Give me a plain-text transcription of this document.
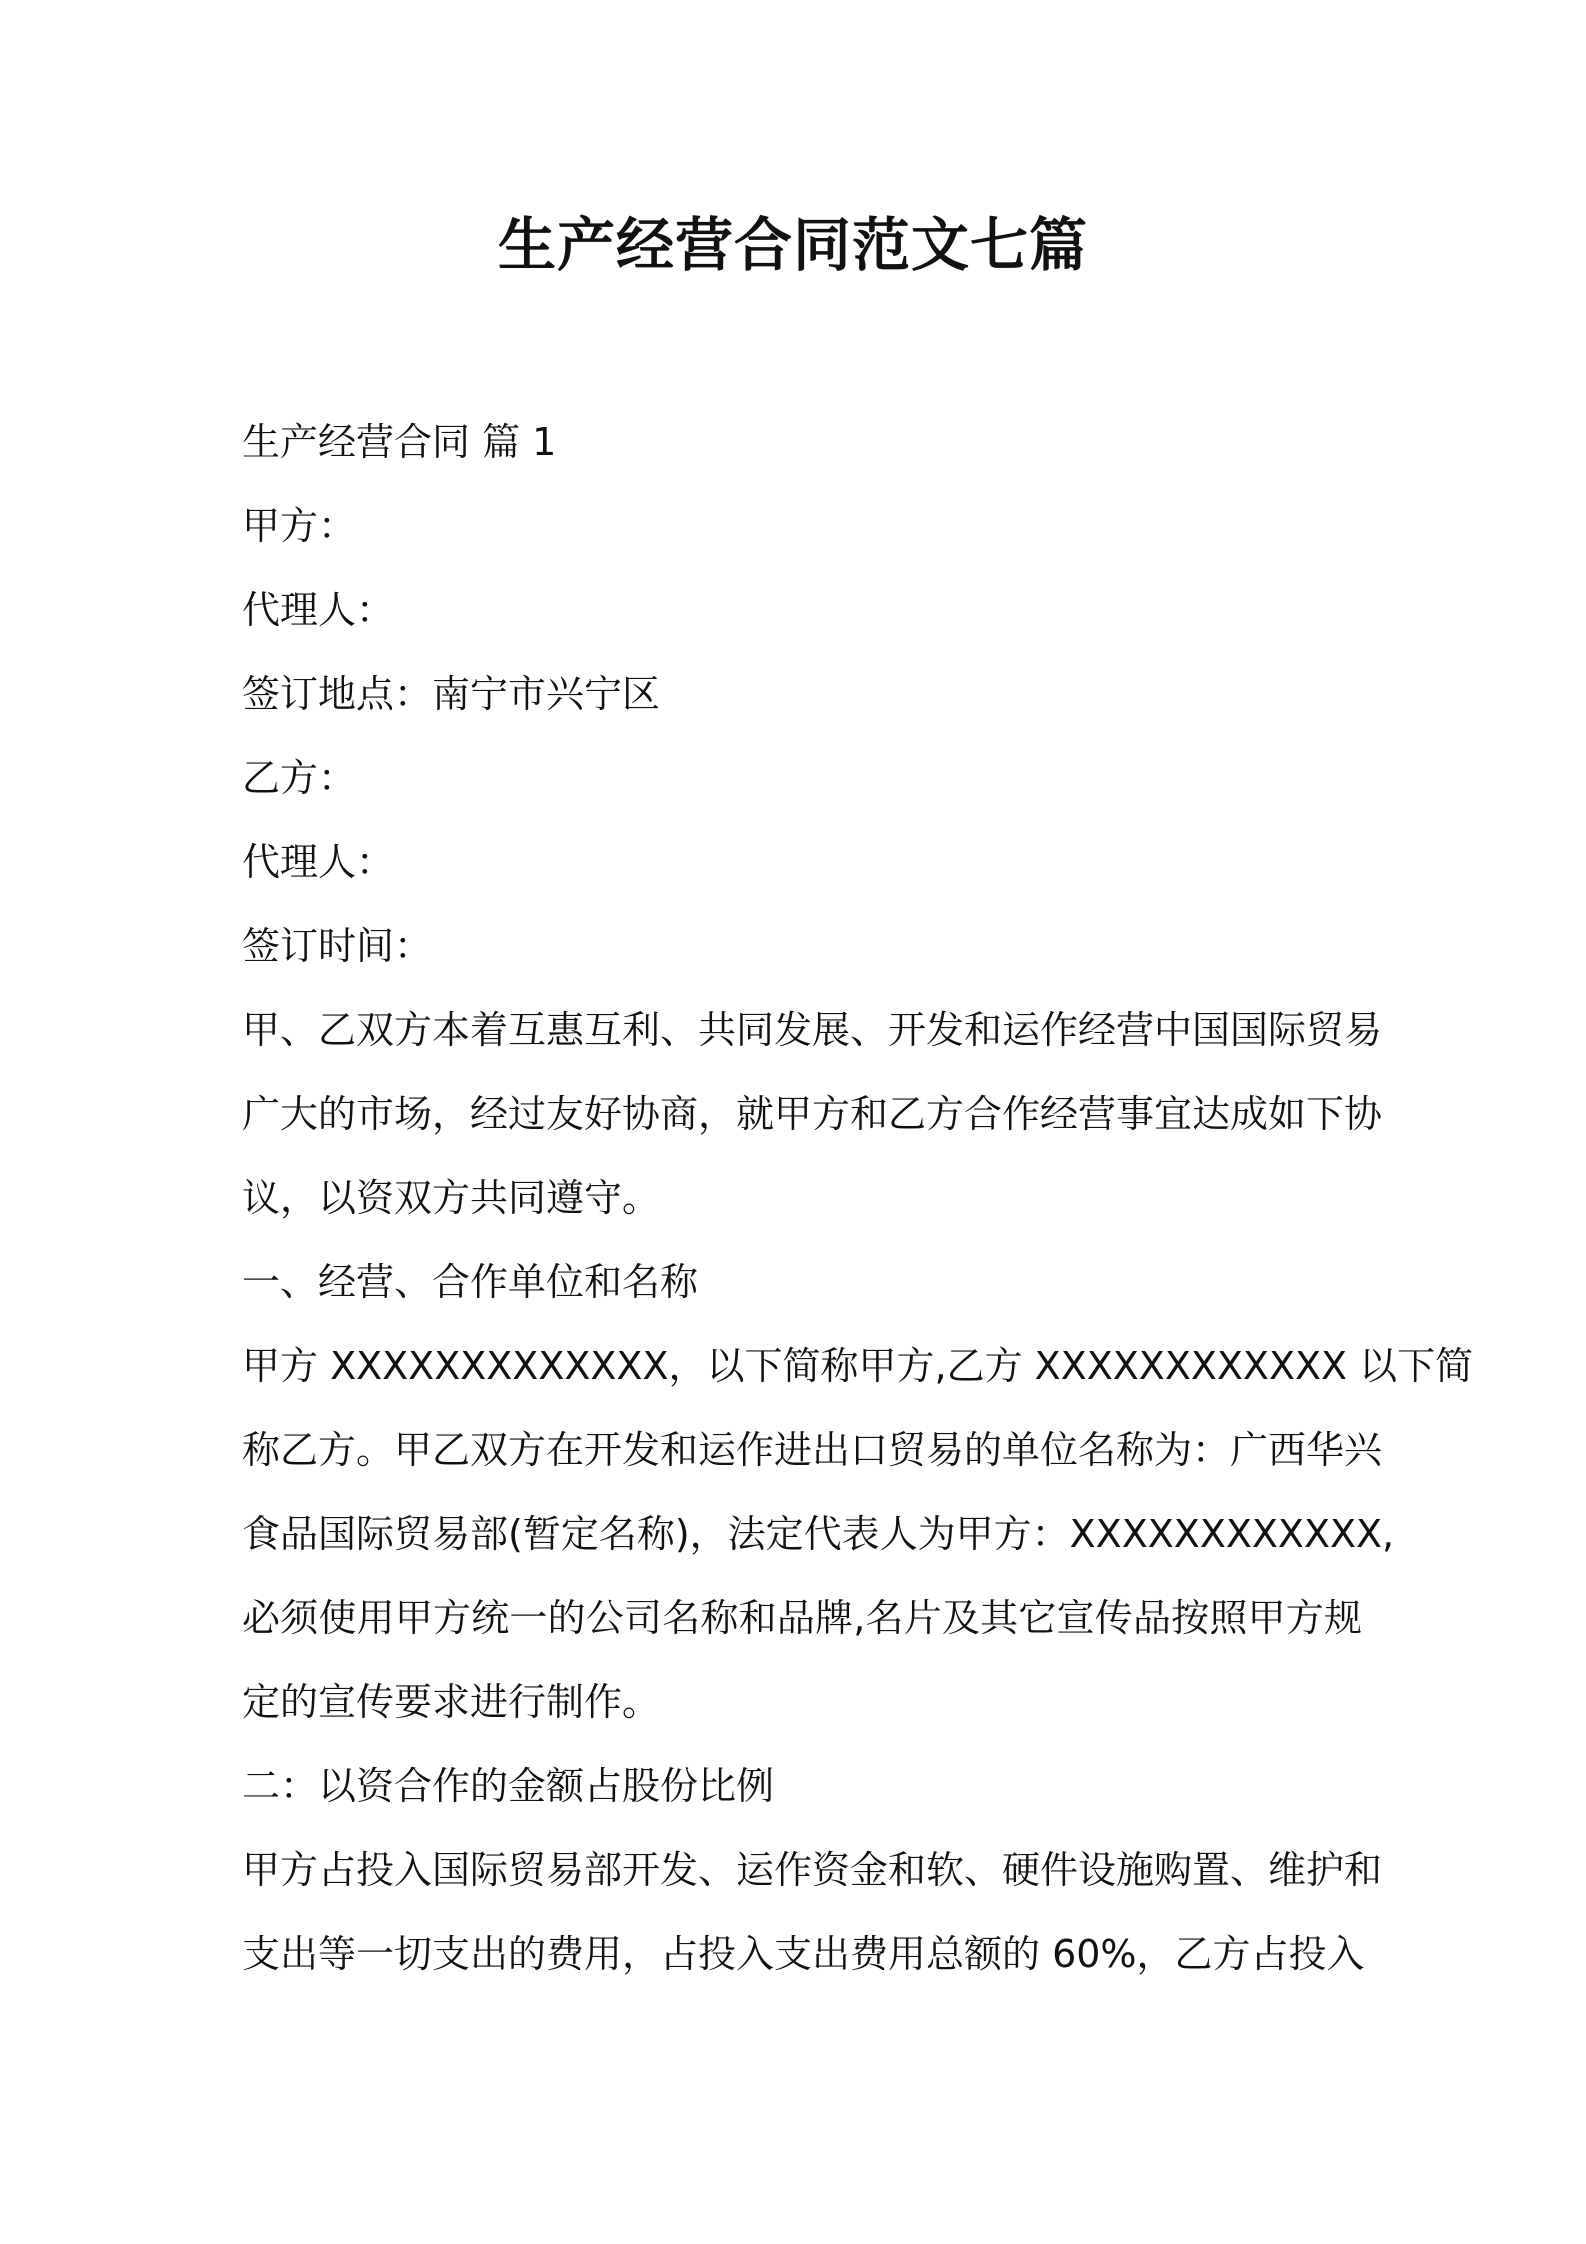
生产经营合同范文七篇

生产经营合同 篇 1

甲方：

代理人：

签订地点：南宁市兴宁区

乙方：

代理人：

签订时间：

甲、乙双方本着互惠互利、共同发展、开发和运作经营中国国际贸易

广大的市场，经过友好协商，就甲方和乙方合作经营事宜达成如下协

议，以资双方共同遵守。

一、经营、合作单位和名称

甲方 XXXXXXXXXXXXX，以下简称甲方,乙方 XXXXXXXXXXXX 以下简

称乙方。甲乙双方在开发和运作进出口贸易的单位名称为：广西华兴

食品国际贸易部(暂定名称)，法定代表人为甲方：XXXXXXXXXXXX,

必须使用甲方统一的公司名称和品牌,名片及其它宣传品按照甲方规

定的宣传要求进行制作。

二：以资合作的金额占股份比例

甲方占投入国际贸易部开发、运作资金和软、硬件设施购置、维护和

支出等一切支出的费用，占投入支出费用总额的 60%，乙方占投入
